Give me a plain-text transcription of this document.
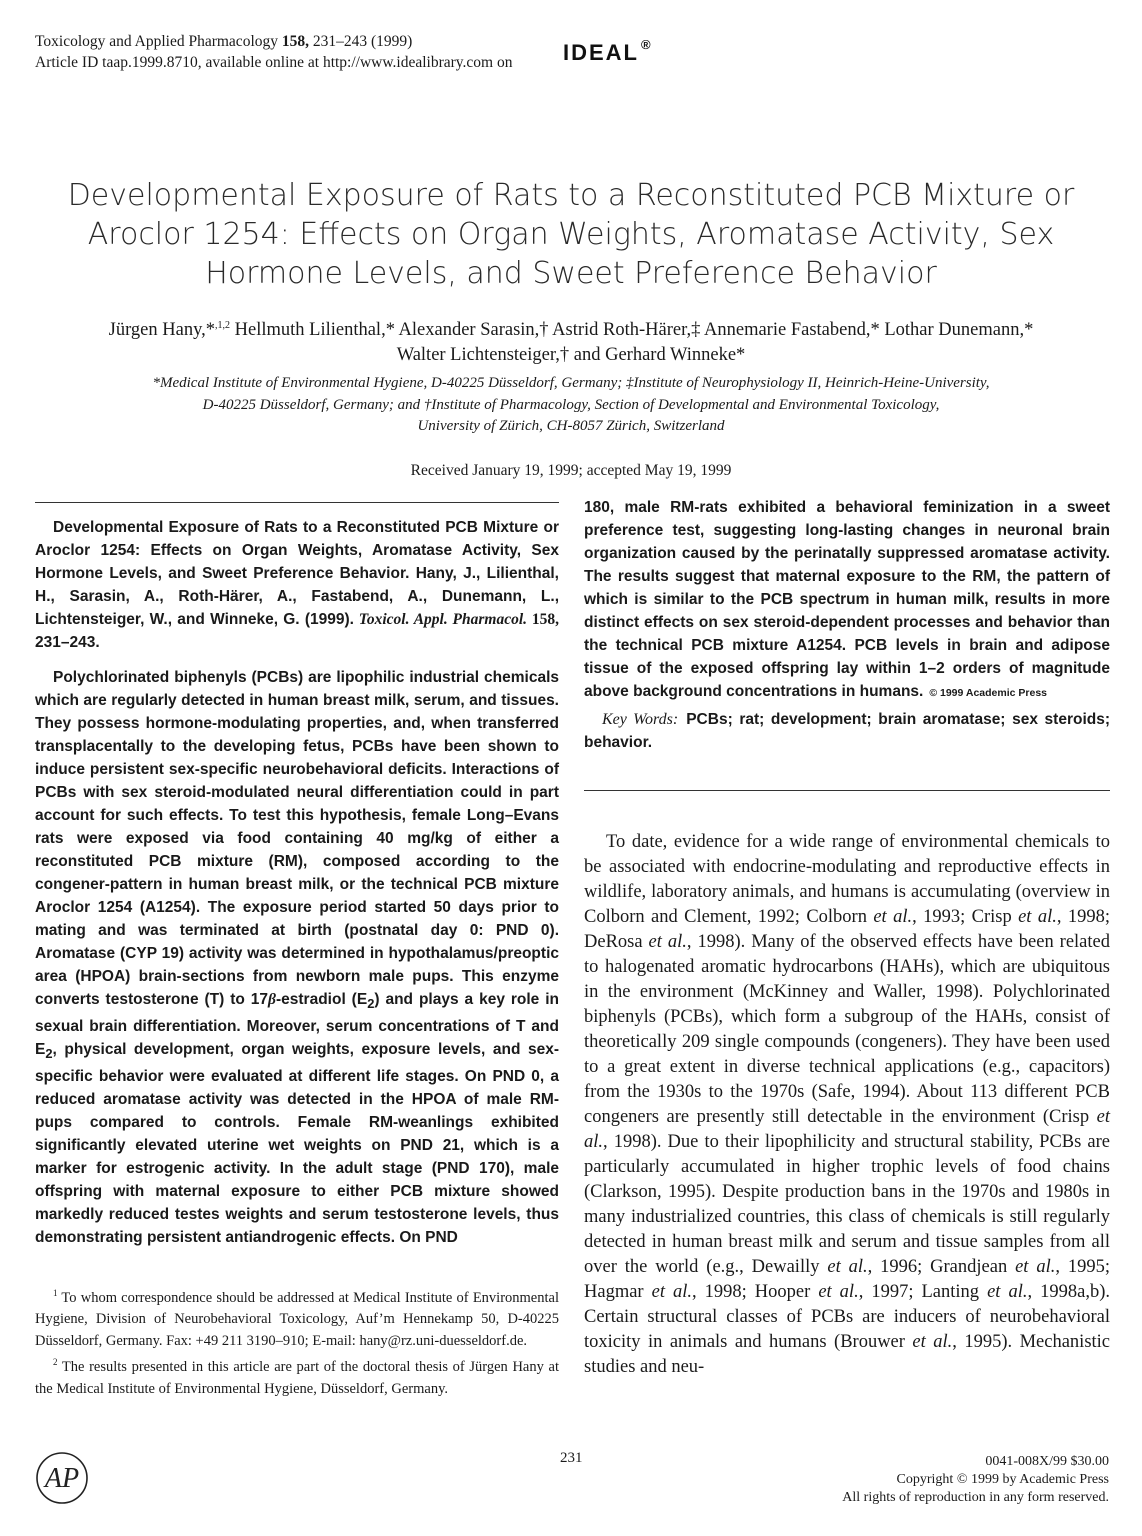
Toxicology and Applied Pharmacology 158, 231–243 (1999)
Article ID taap.1999.8710, available online at http://www.idealibrary.com on IDEAL ®
Developmental Exposure of Rats to a Reconstituted PCB Mixture or Aroclor 1254: Effects on Organ Weights, Aromatase Activity, Sex Hormone Levels, and Sweet Preference Behavior
Jürgen Hany,*$^{,1,2}$ Hellmuth Lilienthal,* Alexander Sarasin,† Astrid Roth-Härer,‡ Annemarie Fastabend,* Lothar Dunemann,*
Walter Lichtensteiger,† and Gerhard Winneke*
*Medical Institute of Environmental Hygiene, D-40225 Düsseldorf, Germany; ‡Institute of Neurophysiology II, Heinrich-Heine-University,
D-40225 Düsseldorf, Germany; and †Institute of Pharmacology, Section of Developmental and Environmental Toxicology,
University of Zürich, CH-8057 Zürich, Switzerland
Received January 19, 1999; accepted May 19, 1999

Developmental Exposure of Rats to a Reconstituted PCB Mixture or Aroclor 1254: Effects on Organ Weights, Aromatase Activity, Sex Hormone Levels, and Sweet Preference Behavior. Hany, J., Lilienthal, H., Sarasin, A., Roth-Härer, A., Fastabend, A., Dunemann, L., Lichtensteiger, W., and Winneke, G. (1999). Toxicol. Appl. Pharmacol. 158, 231–243.

Polychlorinated biphenyls (PCBs) are lipophilic industrial chemicals which are regularly detected in human breast milk, serum, and tissues. They possess hormone-modulating properties, and, when transferred transplacentally to the developing fetus, PCBs have been shown to induce persistent sex-specific neurobehavioral deficits. Interactions of PCBs with sex steroid-modulated neural differentiation could in part account for such effects. To test this hypothesis, female Long–Evans rats were exposed via food containing 40 mg/kg of either a reconstituted PCB mixture (RM), composed according to the congener-pattern in human breast milk, or the technical PCB mixture Aroclor 1254 (A1254). The exposure period started 50 days prior to mating and was terminated at birth (postnatal day 0: PND 0). Aromatase (CYP 19) activity was determined in hypothalamus/preoptic area (HPOA) brain-sections from newborn male pups. This enzyme converts testosterone (T) to 17β-estradiol $(E_2)$ and plays a key role in sexual brain differentiation. Moreover, serum concentrations of T and $E_2$, physical development, organ weights, exposure levels, and sex-specific behavior were evaluated at different life stages. On PND 0, a reduced aromatase activity was detected in the HPOA of male RM-pups compared to controls. Female RM-weanlings exhibited significantly elevated uterine wet weights on PND 21, which is a marker for estrogenic activity. In the adult stage (PND 170), male offspring with maternal exposure to either PCB mixture showed markedly reduced testes weights and serum testosterone levels, thus demonstrating persistent antiandrogenic effects. On PND

180, male RM-rats exhibited a behavioral feminization in a sweet preference test, suggesting long-lasting changes in neuronal brain organization caused by the perinatally suppressed aromatase activity. The results suggest that maternal exposure to the RM, the pattern of which is similar to the PCB spectrum in human milk, results in more distinct effects on sex steroid-dependent processes and behavior than the technical PCB mixture A1254. PCB levels in brain and adipose tissue of the exposed offspring lay within 1–2 orders of magnitude above background concentrations in humans. © 1999 Academic Press

Key Words: PCBs; rat; development; brain aromatase; sex steroids; behavior.

$^1$ To whom correspondence should be addressed at Medical Institute of Environmental Hygiene, Division of Neurobehavioral Toxicology, Auf’m Hennekamp 50, D-40225 Düsseldorf, Germany. Fax: +49 211 3190–910; E-mail: hany@rz.uni-duesseldorf.de.

$^2$ The results presented in this article are part of the doctoral thesis of Jürgen Hany at the Medical Institute of Environmental Hygiene, Düsseldorf, Germany.

To date, evidence for a wide range of environmental chemicals to be associated with endocrine-modulating and reproductive effects in wildlife, laboratory animals, and humans is accumulating (overview in Colborn and Clement, 1992; Colborn et al., 1993; Crisp et al., 1998; DeRosa et al., 1998). Many of the observed effects have been related to halogenated aromatic hydrocarbons (HAHs), which are ubiquitous in the environment (McKinney and Waller, 1998). Polychlorinated biphenyls (PCBs), which form a subgroup of the HAHs, consist of theoretically 209 single compounds (congeners). They have been used to a great extent in diverse technical applications (e.g., capacitors) from the 1930s to the 1970s (Safe, 1994). About 113 different PCB congeners are presently still detectable in the environment (Crisp et al., 1998). Due to their lipophilicity and structural stability, PCBs are particularly accumulated in higher trophic levels of food chains (Clarkson, 1995). Despite production bans in the 1970s and 1980s in many industrialized countries, this class of chemicals is still regularly detected in human breast milk and serum and tissue samples from all over the world (e.g., Dewailly et al., 1996; Grandjean et al., 1995; Hagmar et al., 1998; Hooper et al., 1997; Lanting et al., 1998a,b). Certain structural classes of PCBs are inducers of neurobehavioral toxicity in animals and humans (Brouwer et al., 1995). Mechanistic studies and neu-

AP
231	0041-008X/99 $30.00
Copyright © 1999 by Academic Press
All rights of reproduction in any form reserved.
